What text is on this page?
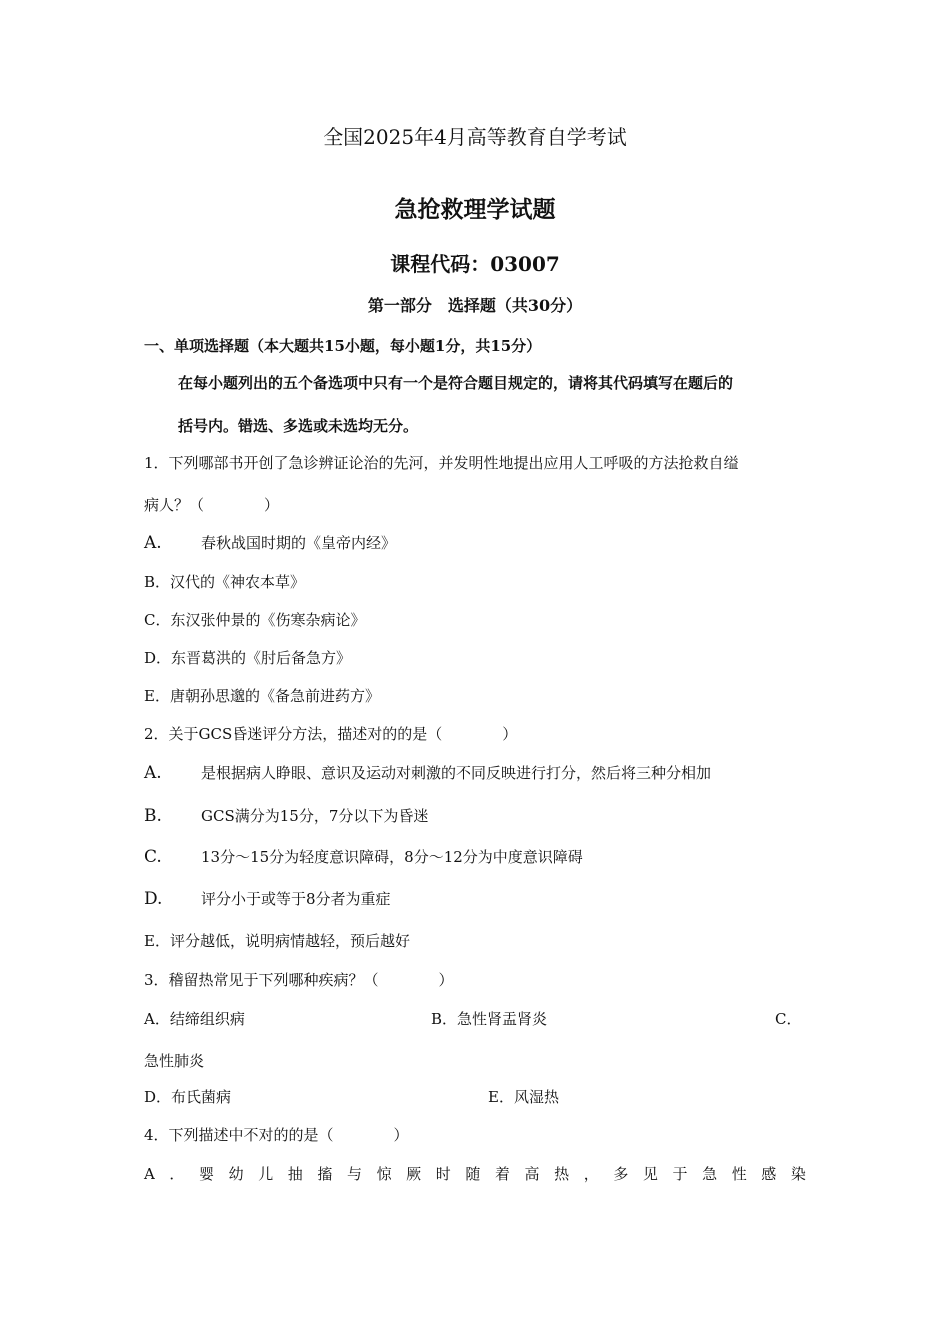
全国2025年4月高等教育自学考试
急抢救理学试题
课程代码：03007
第一部分　选择题（共30分）
一、单项选择题（本大题共15小题，每小题1分，共15分）
在每小题列出的五个备选项中只有一个是符合题目规定的，请将其代码填写在题后的
括号内。错选、多选或未选均无分。
1．下列哪部书开创了急诊辨证论治的先河，并发明性地提出应用人工呼吸的方法抢救自缢
病人？（　　　　）
A.	春秋战国时期的《皇帝内经》
B．汉代的《神农本草》
C．东汉张仲景的《伤寒杂病论》
D．东晋葛洪的《肘后备急方》
E．唐朝孙思邈的《备急前进药方》
2．关于GCS昏迷评分方法，描述对的的是（　　　　）
A.	是根据病人睁眼、意识及运动对刺激的不同反映进行打分，然后将三种分相加
B.	GCS满分为15分，7分以下为昏迷
C.	13分～15分为轻度意识障碍，8分～12分为中度意识障碍
D.	评分小于或等于8分者为重症
E．评分越低，说明病情越轻，预后越好
3．稽留热常见于下列哪种疾病？（　　　　）
A．结缔组织病	B．急性肾盂肾炎	C．
急性肺炎
D．布氏菌病	E．风湿热
4．下列描述中不对的的是（　　　　）
A ． 婴 幼 儿 抽 搐 与 惊 厥 时 随 着 高 热 ， 多 见 于 急 性 感 染
